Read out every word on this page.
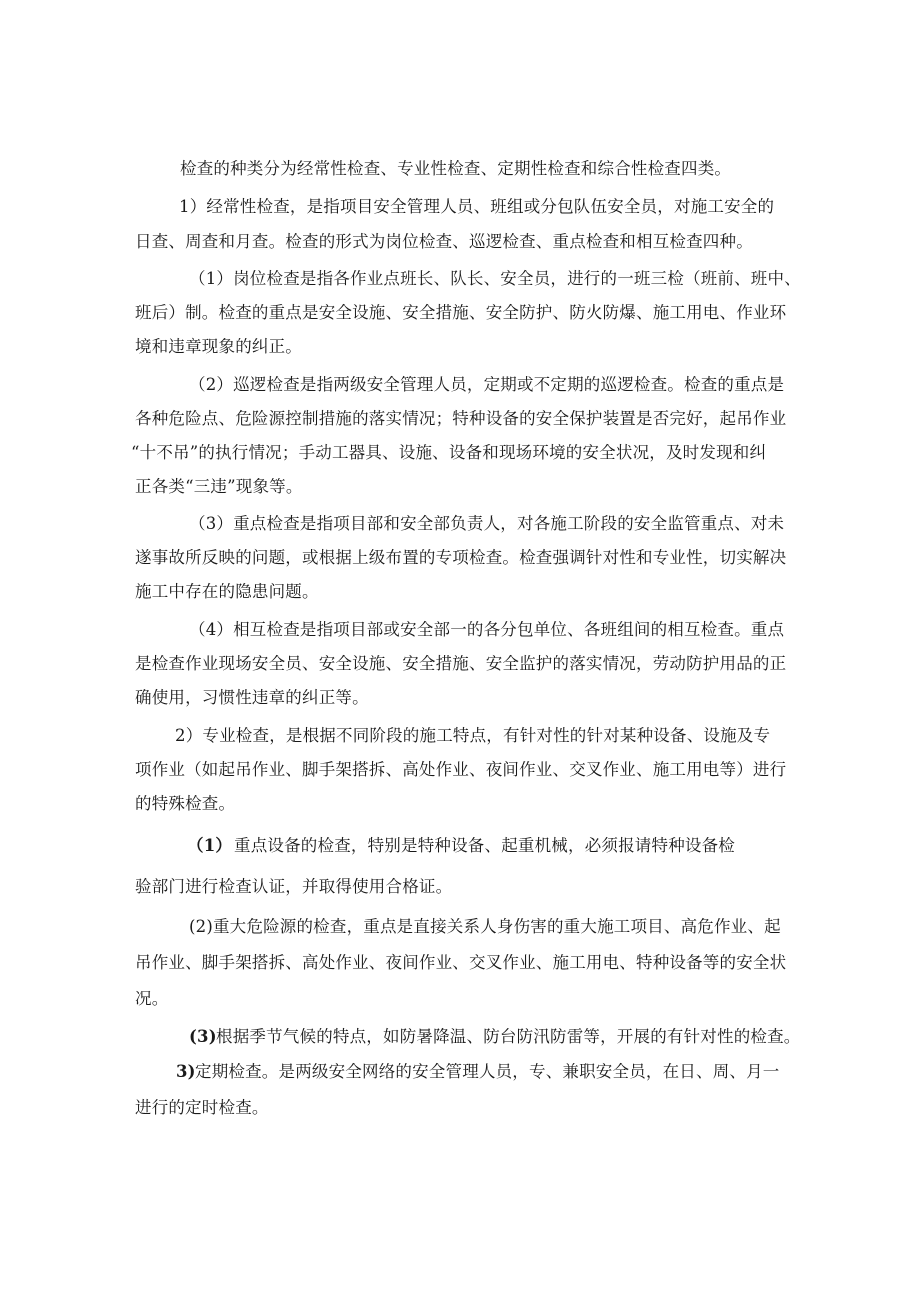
检查的种类分为经常性检查、专业性检查、定期性检查和综合性检查四类。
1）经常性检查，是指项目安全管理人员、班组或分包队伍安全员，对施工安全的
日查、周查和月查。检查的形式为岗位检查、巡逻检查、重点检查和相互检查四种。
（1）岗位检查是指各作业点班长、队长、安全员，进行的一班三检（班前、班中、
班后）制。检查的重点是安全设施、安全措施、安全防护、防火防爆、施工用电、作业环
境和违章现象的纠正。
（2）巡逻检查是指两级安全管理人员，定期或不定期的巡逻检查。检查的重点是
各种危险点、危险源控制措施的落实情况；特种设备的安全保护装置是否完好，起吊作业
“十不吊”的执行情况；手动工器具、设施、设备和现场环境的安全状况，及时发现和纠
正各类“三违”现象等。
（3）重点检查是指项目部和安全部负责人，对各施工阶段的安全监管重点、对未
遂事故所反映的问题，或根据上级布置的专项检查。检查强调针对性和专业性，切实解决
施工中存在的隐患问题。
（4）相互检查是指项目部或安全部一的各分包单位、各班组间的相互检查。重点
是检查作业现场安全员、安全设施、安全措施、安全监护的落实情况，劳动防护用品的正
确使用，习惯性违章的纠正等。
2）专业检查，是根据不同阶段的施工特点，有针对性的针对某种设备、设施及专
项作业（如起吊作业、脚手架搭拆、高处作业、夜间作业、交叉作业、施工用电等）进行
的特殊检查。
（1） 重点设备的检查，特别是特种设备、起重机械，必须报请特种设备检
验部门进行检查认证，并取得使用合格证。
(2)重大危险源的检查，重点是直接关系人身伤害的重大施工项目、高危作业、起
吊作业、脚手架搭拆、高处作业、夜间作业、交叉作业、施工用电、特种设备等的安全状
况。
(3) 根据季节气候的特点，如防暑降温、防台防汛防雷等，开展的有针对性的检查。
3) 定期检查。是两级安全网络的安全管理人员，专、兼职安全员，在日、周、月一
进行的定时检查。
